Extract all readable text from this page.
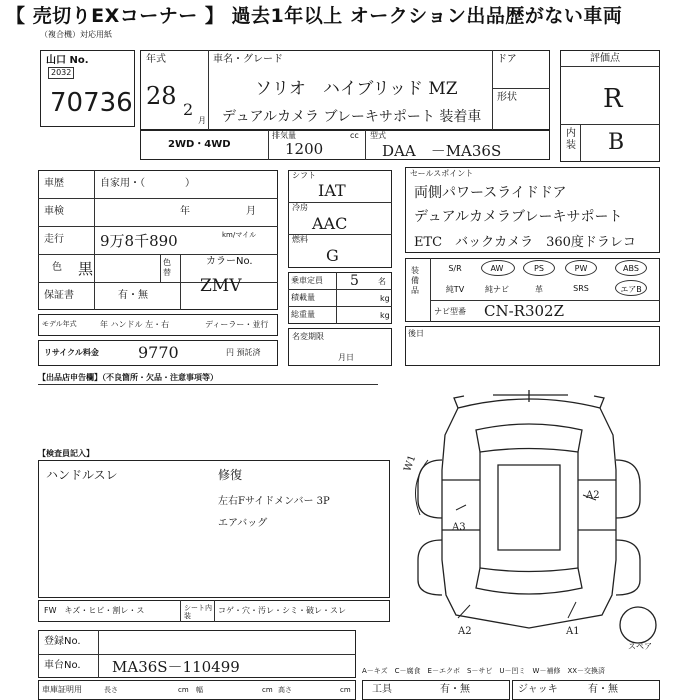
【 売切りEXコーナー 】 過去1年以上 オークション出品歴がない車両
（複合機）対応用紙
山口 No.
2032
70736
年式
28 2
月
車名・グレード
ソリオ　ハイブリッド MZ
デュアルカメラ ブレーキサポート 装着車
ドア
形状
評価点
R
内装 B
2WD・4WD
排気量	cc
1200
型式
DAA　－MA36S
車歴	自家用・（　　　　）
車検	年	月
走行 9万8千890	km/マイル
色 黒	色替
カラーNo.
ZMV
保証書	有・無
モデル年式	年 ハンドル 左・右	ディーラー・並行
リサイクル料金 9770	円 預託済
シフト
IAT
冷房
AAC
燃料
G
乗車定員 5 名
積載量	kg
総重量	kg
名変期限
月日
セールスポイント
両側パワースライドドア
デュアルカメラブレーキサポート
ETC　バックカメラ　360度ドラレコ
装備品
S/R	AW	PS	PW	ABS
純TV	純ナビ	革	SRS	エアB
ナビ型番 CN-R302Z
後日
【出品店申告欄】（不良箇所・欠品・注意事項等）
【検査員記入】
ハンドルスレ	修復
左右Fサイドメンバー 3P
エアバッグ
W1
A3
A2
A2	A1
スペア
FW　キズ・ヒビ・割レ・ス	シート内装
コゲ・穴・汚レ・シミ・破レ・スレ
登録No.
車台No. MA36S－110499	A－キズ　C－腐食　E－エクボ　S－サビ　U－凹ミ　W－補修　XX－交換済
車庫証明用	長さ	cm 幅	cm 高さ	cm 工具	有・無	ジャッキ	有・無
